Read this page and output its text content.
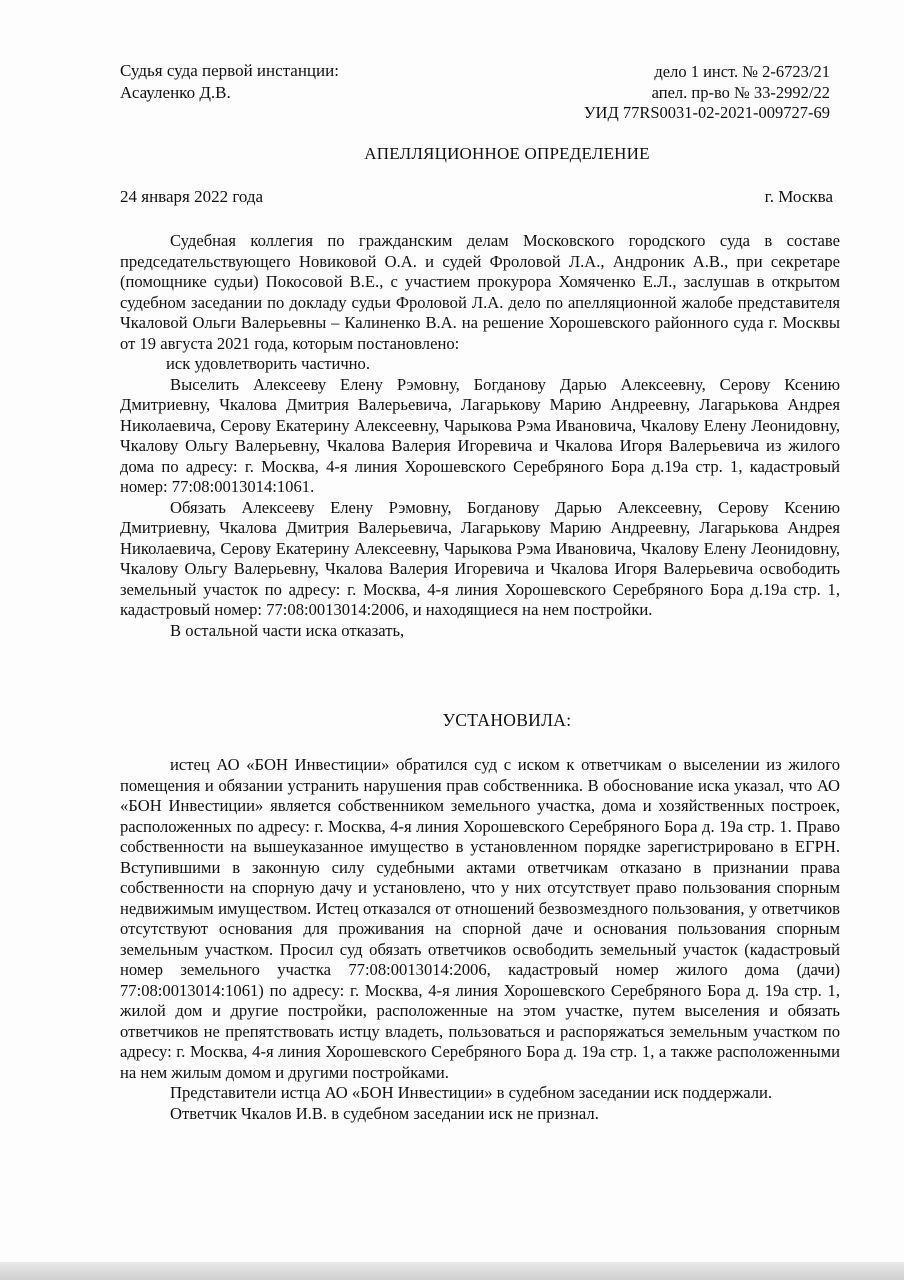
Судья суда первой инстанции:
Асауленко Д.В.
дело 1 инст. № 2-6723/21
апел. пр-во № 33-2992/22
УИД 77RS0031-02-2021-009727-69
АПЕЛЛЯЦИОННОЕ ОПРЕДЕЛЕНИЕ
24 января 2022 года	г. Москва

Судебная коллегия по гражданским делам Московского городского суда в составе председательствующего Новиковой О.А. и судей Фроловой Л.А., Андроник А.В., при секретаре (помощнике судьи) Покосовой В.Е., с участием прокурора Хомяченко Е.Л., заслушав в открытом судебном заседании по докладу судьи Фроловой Л.А. дело по апелляционной жалобе представителя Чкаловой Ольги Валерьевны – Калиненко В.А. на решение Хорошевского районного суда г. Москвы от 19 августа 2021 года, которым постановлено:

иск удовлетворить частично.

Выселить Алексееву Елену Рэмовну, Богданову Дарью Алексеевну, Серову Ксению Дмитриевну, Чкалова Дмитрия Валерьевича, Лагарькову Марию Андреевну, Лагарькова Андрея Николаевича, Серову Екатерину Алексеевну, Чарыкова Рэма Ивановича, Чкалову Елену Леонидовну, Чкалову Ольгу Валерьевну, Чкалова Валерия Игоревича и Чкалова Игоря Валерьевича из жилого дома по адресу: г. Москва, 4-я линия Хорошевского Серебряного Бора д.19а стр. 1, кадастровый номер: 77:08:0013014:1061.

Обязать Алексееву Елену Рэмовну, Богданову Дарью Алексеевну, Серову Ксению Дмитриевну, Чкалова Дмитрия Валерьевича, Лагарькову Марию Андреевну, Лагарькова Андрея Николаевича, Серову Екатерину Алексеевну, Чарыкова Рэма Ивановича, Чкалову Елену Леонидовну, Чкалову Ольгу Валерьевну, Чкалова Валерия Игоревича и Чкалова Игоря Валерьевича освободить земельный участок по адресу: г. Москва, 4-я линия Хорошевского Серебряного Бора д.19а стр. 1, кадастровый номер: 77:08:0013014:2006, и находящиеся на нем постройки.

В остальной части иска отказать,

УСТАНОВИЛА:

истец АО «БОН Инвестиции» обратился суд с иском к ответчикам о выселении из жилого помещения и обязании устранить нарушения прав собственника. В обоснование иска указал, что АО «БОН Инвестиции» является собственником земельного участка, дома и хозяйственных построек, расположенных по адресу: г. Москва, 4-я линия Хорошевского Серебряного Бора д. 19а стр. 1. Право собственности на вышеуказанное имущество в установленном порядке зарегистрировано в ЕГРН. Вступившими в законную силу судебными актами ответчикам отказано в признании права собственности на спорную дачу и установлено, что у них отсутствует право пользования спорным недвижимым имуществом. Истец отказался от отношений безвозмездного пользования, у ответчиков отсутствуют основания для проживания на спорной даче и основания пользования спорным земельным участком. Просил суд обязать ответчиков освободить земельный участок (кадастровый номер земельного участка 77:08:0013014:2006, кадастровый номер жилого дома (дачи) 77:08:0013014:1061) по адресу: г. Москва, 4-я линия Хорошевского Серебряного Бора д. 19а стр. 1, жилой дом и другие постройки, расположенные на этом участке, путем выселения и обязать ответчиков не препятствовать истцу владеть, пользоваться и распоряжаться земельным участком по адресу: г. Москва, 4-я линия Хорошевского Серебряного Бора д. 19а стр. 1, а также расположенными на нем жилым домом и другими постройками.

Представители истца АО «БОН Инвестиции» в судебном заседании иск поддержали.

Ответчик Чкалов И.В. в судебном заседании иск не признал.
